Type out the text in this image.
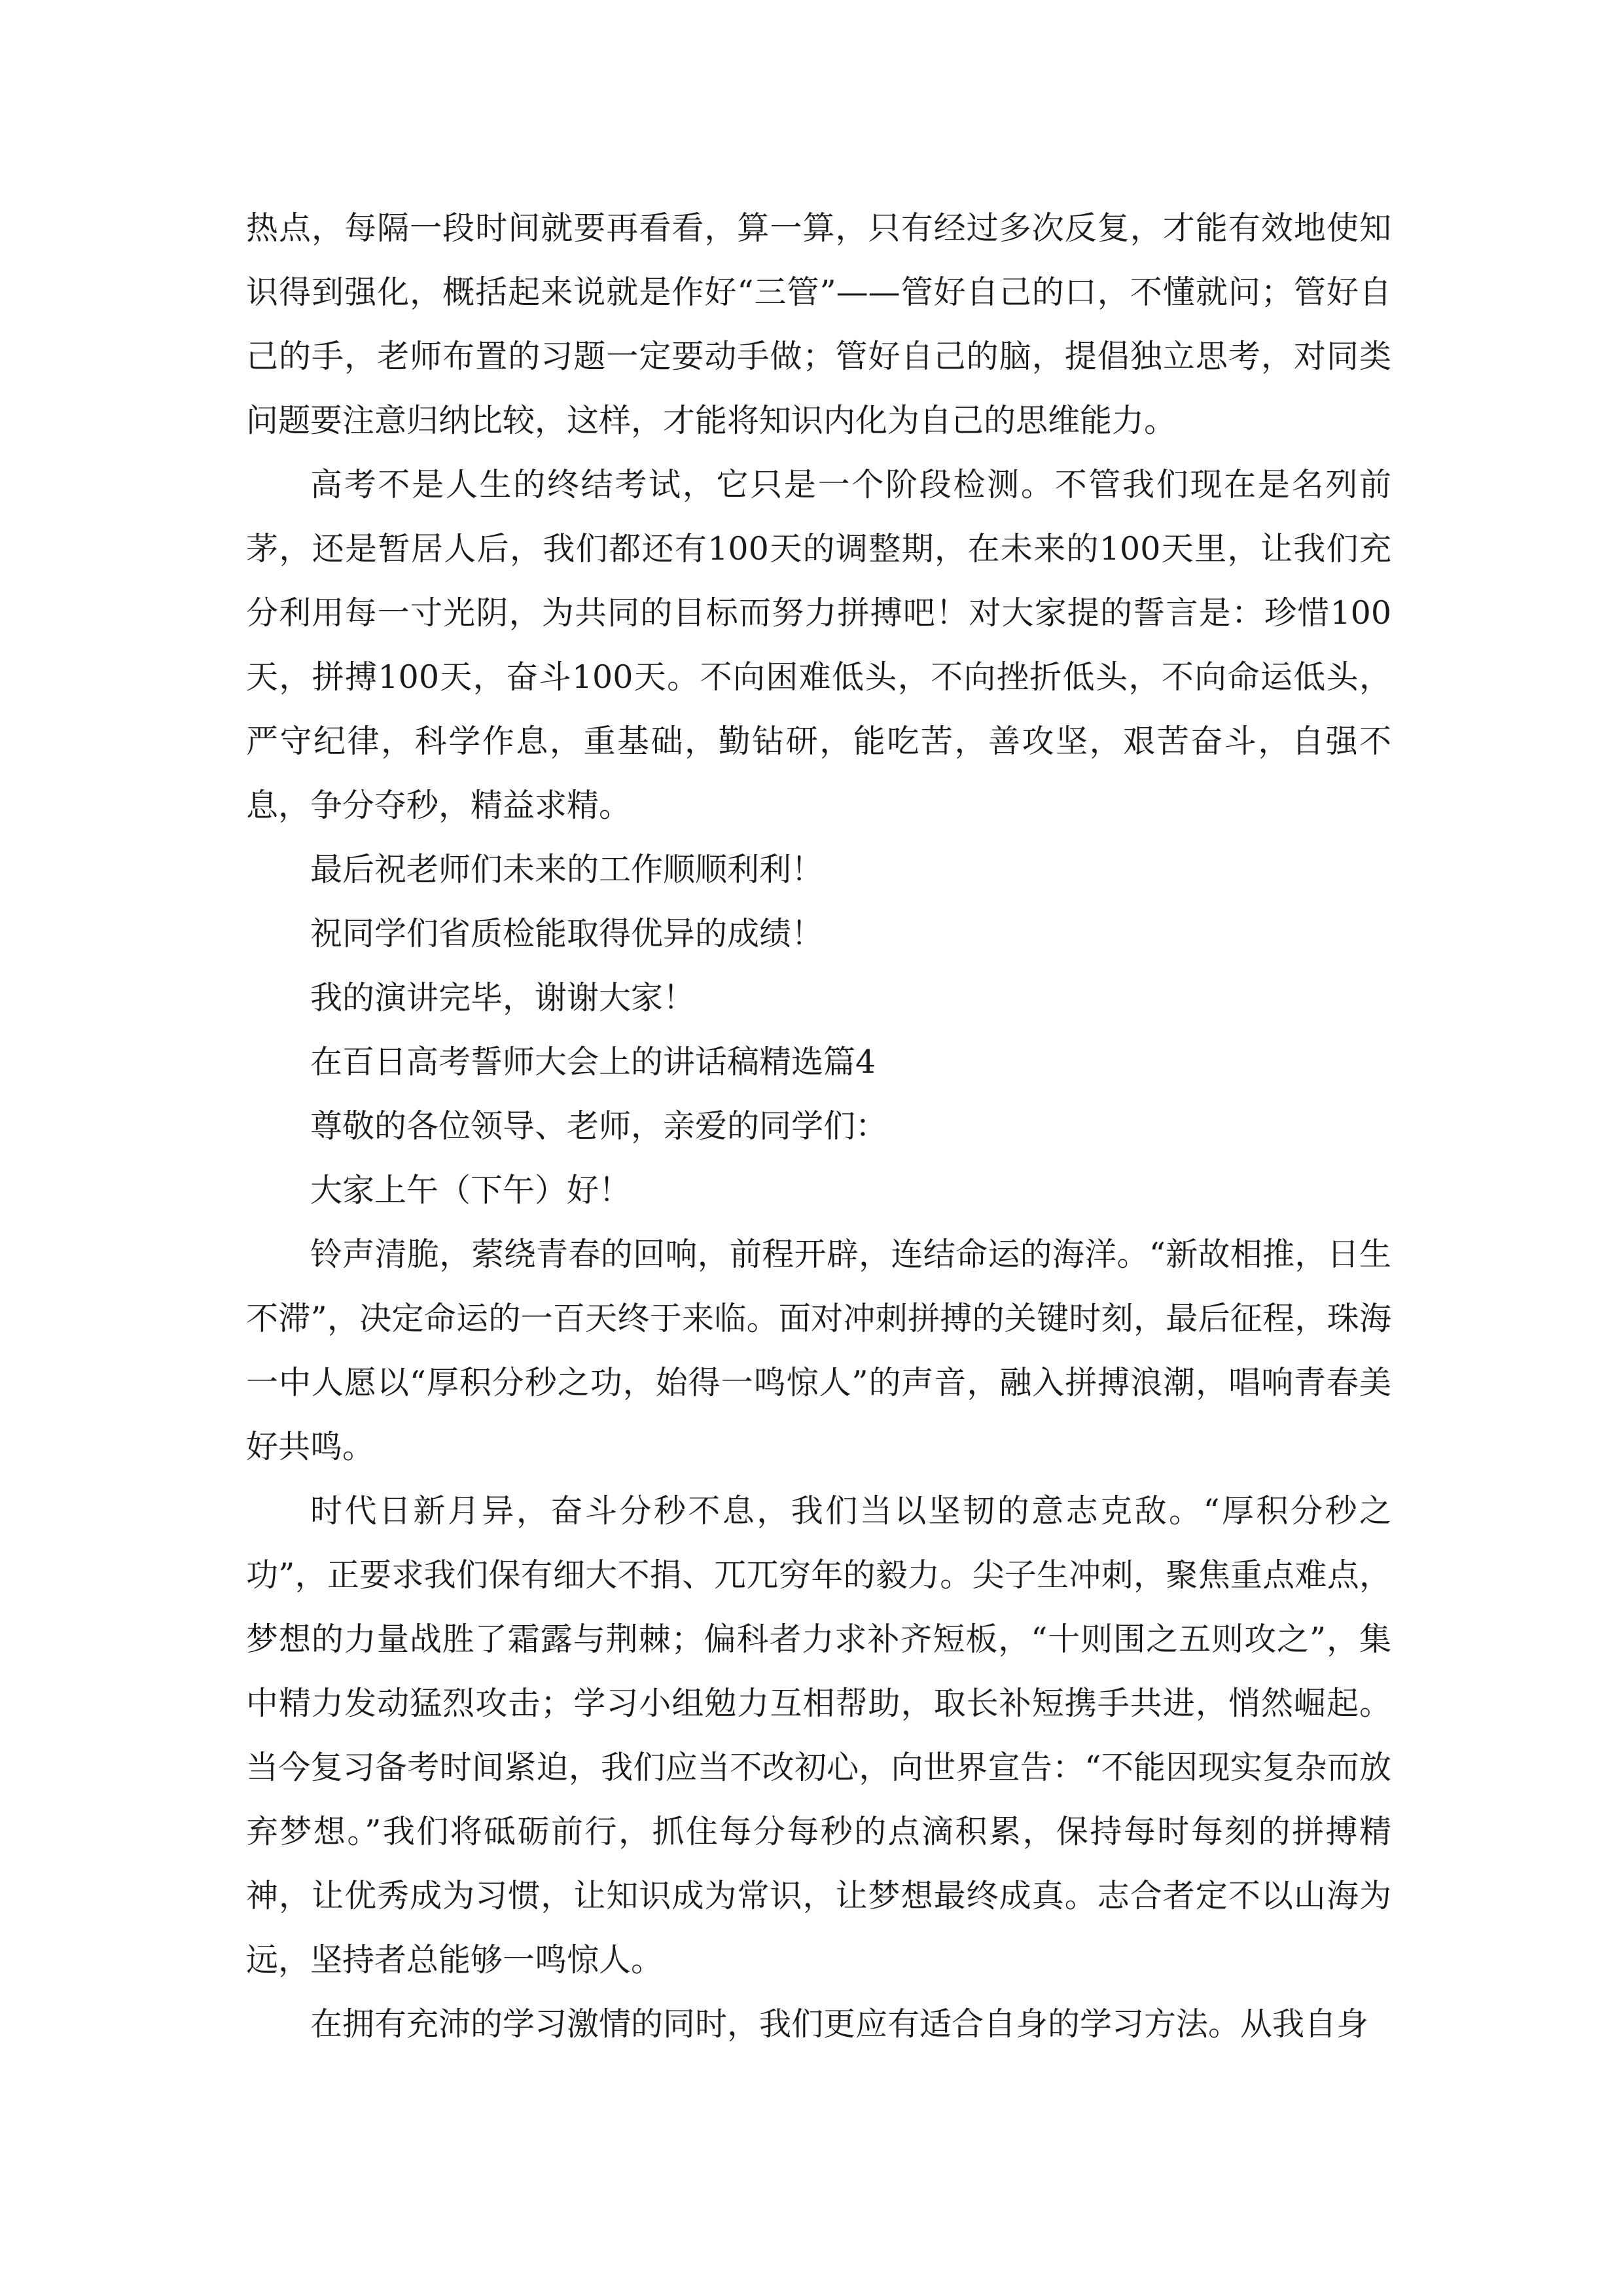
热点，每隔一段时间就要再看看，算一算，只有经过多次反复，才能有效地使知识得到强化，概括起来说就是作好“三管”——管好自己的口，不懂就问；管好自己的手，老师布置的习题一定要动手做；管好自己的脑，提倡独立思考，对同类问题要注意归纳比较，这样，才能将知识内化为自己的思维能力。

高考不是人生的终结考试，它只是一个阶段检测。不管我们现在是名列前茅，还是暂居人后，我们都还有100天的调整期，在未来的100天里，让我们充分利用每一寸光阴，为共同的目标而努力拼搏吧！对大家提的誓言是：珍惜100天，拼搏100天，奋斗100天。不向困难低头，不向挫折低头，不向命运低头，严守纪律，科学作息，重基础，勤钻研，能吃苦，善攻坚，艰苦奋斗，自强不息，争分夺秒，精益求精。

最后祝老师们未来的工作顺顺利利！

祝同学们省质检能取得优异的成绩！

我的演讲完毕，谢谢大家！

在百日高考誓师大会上的讲话稿精选篇4

尊敬的各位领导、老师，亲爱的同学们：

大家上午（下午）好！

铃声清脆，萦绕青春的回响，前程开辟，连结命运的海洋。“新故相推，日生不滞”，决定命运的一百天终于来临。面对冲刺拼搏的关键时刻，最后征程，珠海一中人愿以“厚积分秒之功，始得一鸣惊人”的声音，融入拼搏浪潮，唱响青春美好共鸣。

时代日新月异，奋斗分秒不息，我们当以坚韧的意志克敌。“厚积分秒之功”，正要求我们保有细大不捐、兀兀穷年的毅力。尖子生冲刺，聚焦重点难点，梦想的力量战胜了霜露与荆棘；偏科者力求补齐短板，“十则围之五则攻之”，集中精力发动猛烈攻击；学习小组勉力互相帮助，取长补短携手共进，悄然崛起。当今复习备考时间紧迫，我们应当不改初心，向世界宣告：“不能因现实复杂而放弃梦想。”我们将砥砺前行，抓住每分每秒的点滴积累，保持每时每刻的拼搏精神，让优秀成为习惯，让知识成为常识，让梦想最终成真。志合者定不以山海为远，坚持者总能够一鸣惊人。

在拥有充沛的学习激情的同时，我们更应有适合自身的学习方法。从我自身
